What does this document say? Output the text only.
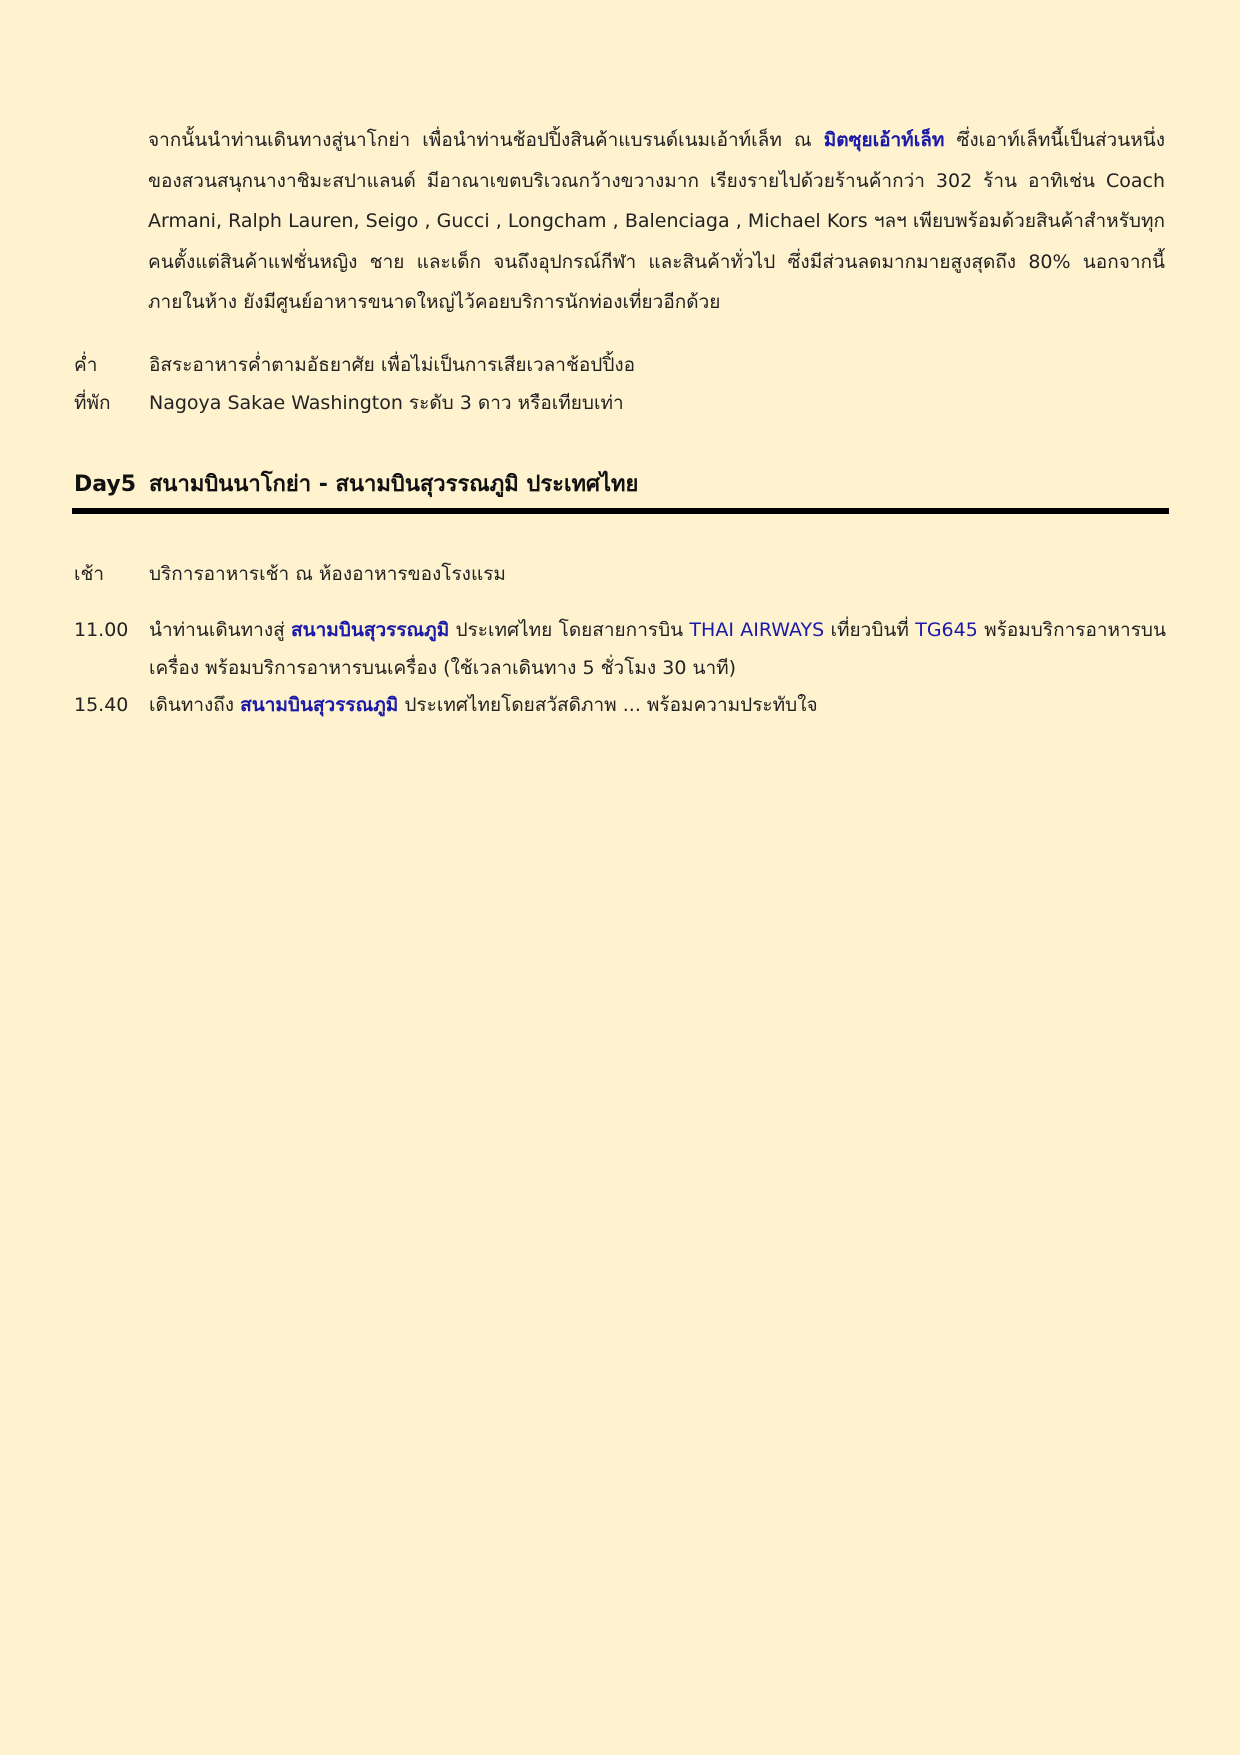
จากนั้นนำท่านเดินทางสู่นาโกย่า เพื่อนำท่านช้อปปิ้งสินค้าแบรนด์เนมเอ้าท์เล็ท ณ มิตซุยเอ้าท์เล็ท ซึ่งเอาท์เล็ทนี้เป็นส่วนหนึ่งของสวนสนุกนางาชิมะสปาแลนด์ มีอาณาเขตบริเวณกว้างขวางมาก เรียงรายไปด้วยร้านค้ากว่า 302 ร้าน อาทิเช่น Coach Armani, Ralph Lauren, Seigo , Gucci , Longcham , Balenciaga , Michael Kors ฯลฯ เพียบพร้อมด้วยสินค้าสำหรับทุกคนตั้งแต่สินค้าแฟชั่นหญิง ชาย และเด็ก จนถึงอุปกรณ์กีฬา และสินค้าทั่วไป ซึ่งมีส่วนลดมากมายสูงสุดถึง 80% นอกจากนี้ภายในห้าง ยังมีศูนย์อาหารขนาดใหญ่ไว้คอยบริการนักท่องเที่ยวอีกด้วย

ค่ำ	อิสระอาหารค่ำตามอัธยาศัย เพื่อไม่เป็นการเสียเวลาช้อปปิ้งอ
ที่พัก	Nagoya Sakae Washington ระดับ 3 ดาว หรือเทียบเท่า
Day5 สนามบินนาโกย่า - สนามบินสุวรรณภูมิ ประเทศไทย
เช้า	บริการอาหารเช้า ณ ห้องอาหารของโรงแรม
11.00	นำท่านเดินทางสู่ สนามบินสุวรรณภูมิ ประเทศไทย โดยสายการบิน THAI AIRWAYS เที่ยวบินที่ TG645 พร้อมบริการอาหารบนเครื่อง พร้อมบริการอาหารบนเครื่อง (ใช้เวลาเดินทาง 5 ชั่วโมง 30 นาที)
15.40	เดินทางถึง สนามบินสุวรรณภูมิ ประเทศไทยโดยสวัสดิภาพ ... พร้อมความประทับใจ
